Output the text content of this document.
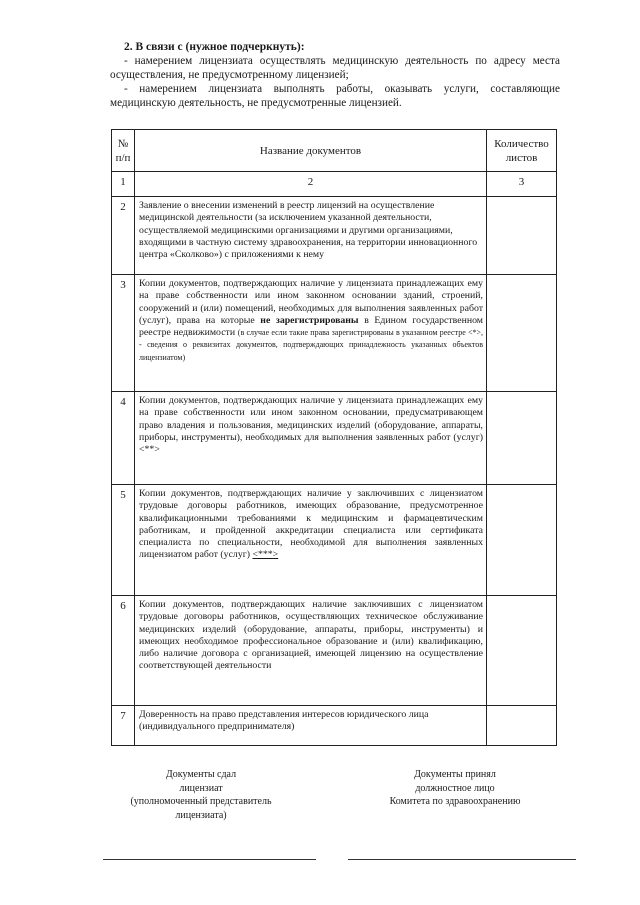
2. В связи с (нужное подчеркнуть):

- намерением лицензиата осуществлять медицинскую деятельность по адресу места осуществления, не предусмотренному лицензией;

- намерением лицензиата выполнять работы, оказывать услуги, составляющие медицинскую деятельность, не предусмотренные лицензией.

№ п/п	Название документов	Количество листов
1	2	3
2	Заявление о внесении изменений в реестр лицензий на осуществление медицинской деятельности (за исключением указанной деятельности, осуществляемой медицинскими организациями и другими организациями, входящими в частную систему здравоохранения, на территории инновационного центра «Сколково») с приложениями к нему	
3	Копии документов, подтверждающих наличие у лицензиата принадлежащих ему на праве собственности или ином законном основании зданий, строений, сооружений и (или) помещений, необходимых для выполнения заявленных работ (услуг), права на которые не зарегистрированы в Едином государственном реестре недвижимости (в случае если такие права зарегистрированы в указанном реестре <*>, - сведения о реквизитах документов, подтверждающих принадлежность указанных объектов лицензиатом)	
4	Копии документов, подтверждающих наличие у лицензиата принадлежащих ему на праве собственности или ином законном основании, предусматривающем право владения и пользования, медицинских изделий (оборудование, аппараты, приборы, инструменты), необходимых для выполнения заявленных работ (услуг) <**>	
5	Копии документов, подтверждающих наличие у заключивших с лицензиатом трудовые договоры работников, имеющих образование, предусмотренное квалификационными требованиями к медицинским и фармацевтическим работникам, и пройденной аккредитации специалиста или сертификата специалиста по специальности, необходимой для выполнения заявленных лицензиатом работ (услуг) <***>	
6	Копии документов, подтверждающих наличие заключивших с лицензиатом трудовые договоры работников, осуществляющих техническое обслуживание медицинских изделий (оборудование, аппараты, приборы, инструменты) и имеющих необходимое профессиональное образование и (или) квалификацию, либо наличие договора с организацией, имеющей лицензию на осуществление соответствующей деятельности	
7	Доверенность на право представления интересов юридического лица (индивидуального предпринимателя)	
Документы сдал
лицензиат
(уполномоченный представитель
лицензиата)
Документы принял
должностное лицо
Комитета по здравоохранению
